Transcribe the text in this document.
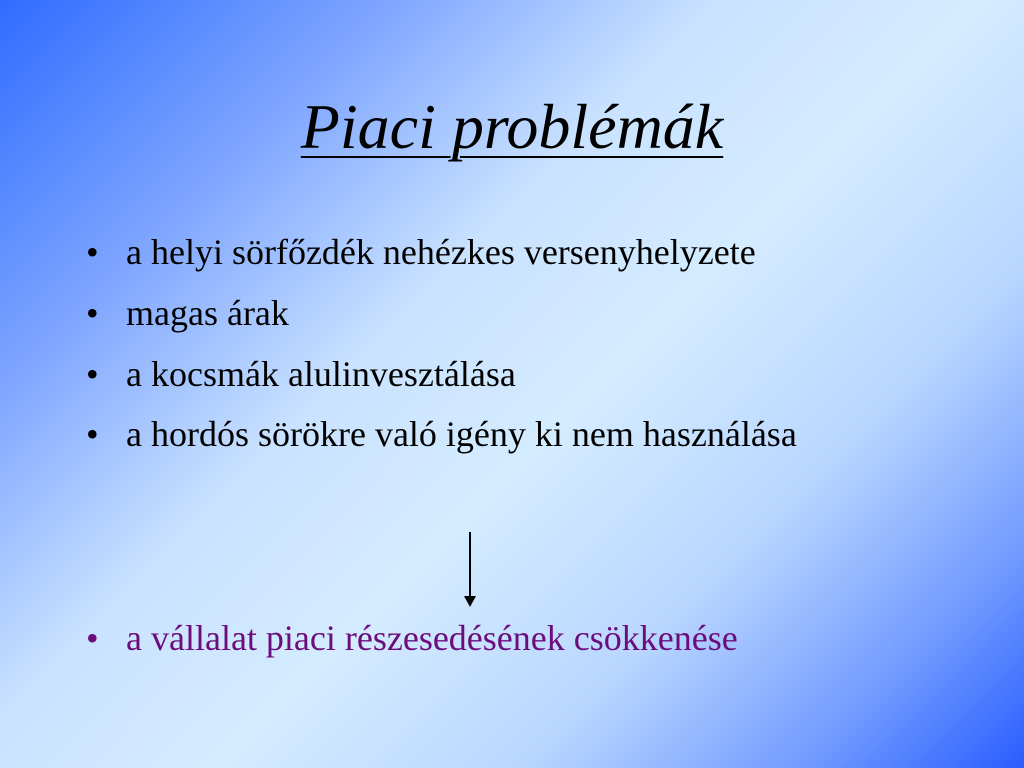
Piaci problémák
• a helyi sörfőzdék nehézkes versenyhelyzete
• magas árak
• a kocsmák alulinvesztálása
• a hordós sörökre való igény ki nem használása
• a vállalat piaci részesedésének csökkenése
